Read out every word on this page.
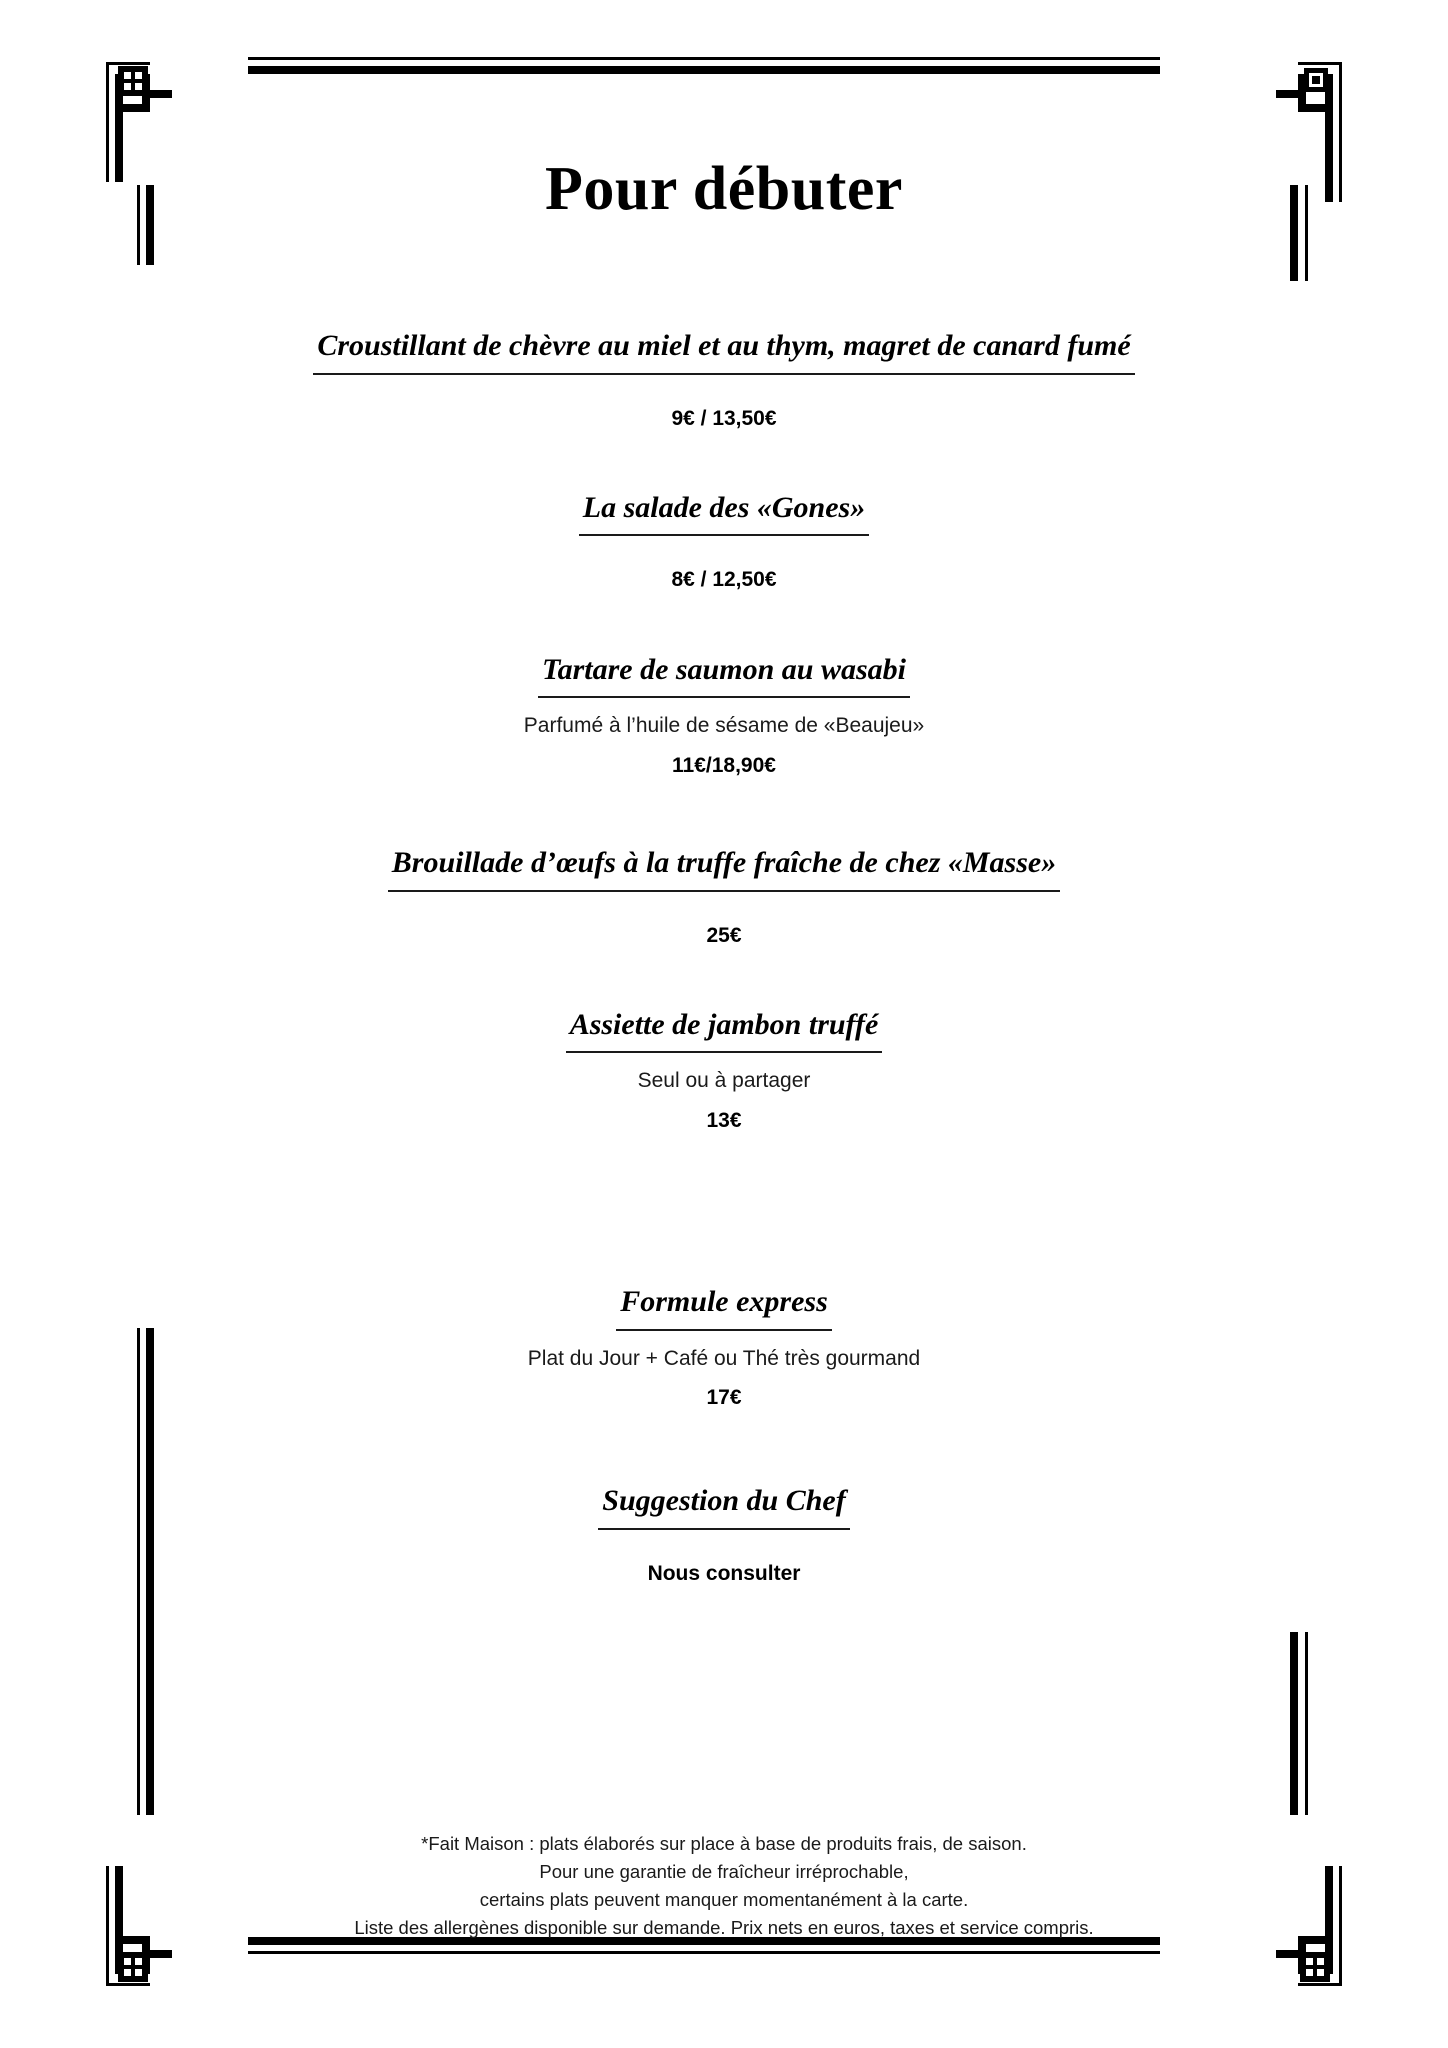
Pour débuter
Croustillant de chèvre au miel et au thym, magret de canard fumé
9€ / 13,50€
La salade des «Gones»
8€ / 12,50€
Tartare de saumon au wasabi
Parfumé à l’huile de sésame de «Beaujeu»
11€/18,90€
Brouillade d’œufs à la truffe fraîche de chez «Masse»
25€
Assiette de jambon truffé
Seul ou à partager
13€
Formule express
Plat du Jour + Café ou Thé très gourmand
17€
Suggestion du Chef
Nous consulter
*Fait Maison : plats élaborés sur place à base de produits frais, de saison.
Pour une garantie de fraîcheur irréprochable,
certains plats peuvent manquer momentanément à la carte.
Liste des allergènes disponible sur demande. Prix nets en euros, taxes et service compris.
